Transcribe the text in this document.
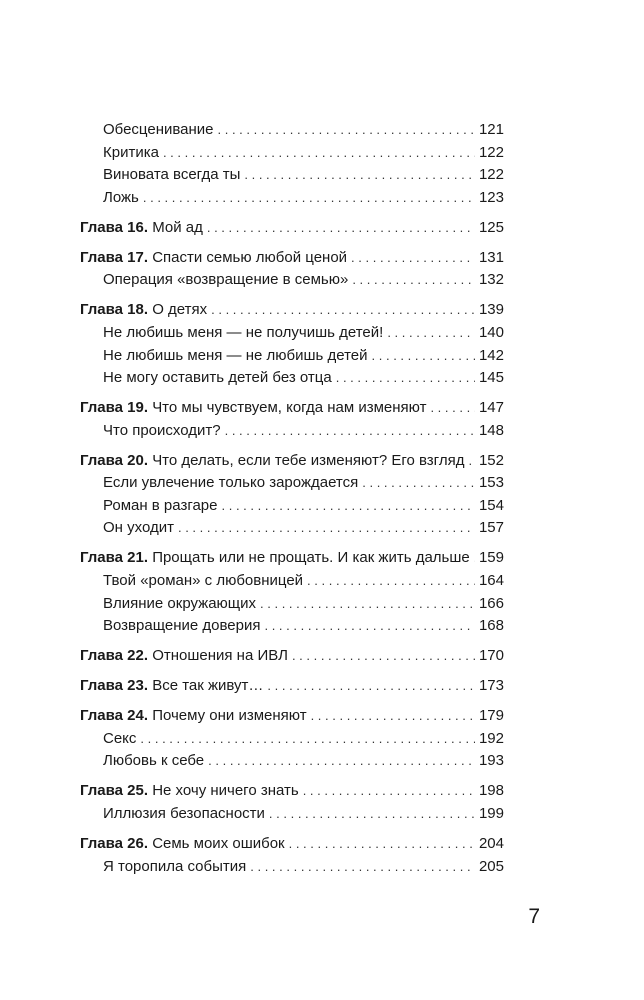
Обесценивание . . .	121
Критика . . .	122
Виновата всегда ты . . .	122
Ложь . . .	123
Глава 16. Мой ад . . .	125
Глава 17. Спасти семью любой ценой . . .	131
Операция «возвращение в семью» . . .	132
Глава 18. О детях . . .	139
Не любишь меня — не получишь детей! . . .	140
Не любишь меня — не любишь детей . . .	142
Не могу оставить детей без отца . . .	145
Глава 19. Что мы чувствуем, когда нам изменяют . . .	147
Что происходит? . . .	148
Глава 20. Что делать, если тебе изменяют? Его взгляд . . . 152
Если увлечение только зарождается . . .	153
Роман в разгаре . . .	154
Он уходит . . .	157
Глава 21. Прощать или не прощать. И как жить дальше . . . 159
Твой «роман» с любовницей . . .	164
Влияние окружающих . . .	166
Возвращение доверия . . .	168
Глава 22. Отношения на ИВЛ . . .	170
Глава 23. Все так живут… . . .	173
Глава 24. Почему они изменяют . . .	179
Секс . . .	192
Любовь к себе . . .	193
Глава 25. Не хочу ничего знать . . .	198
Иллюзия безопасности . . .	199
Глава 26. Семь моих ошибок . . .	204
Я торопила события . . .	205
7
